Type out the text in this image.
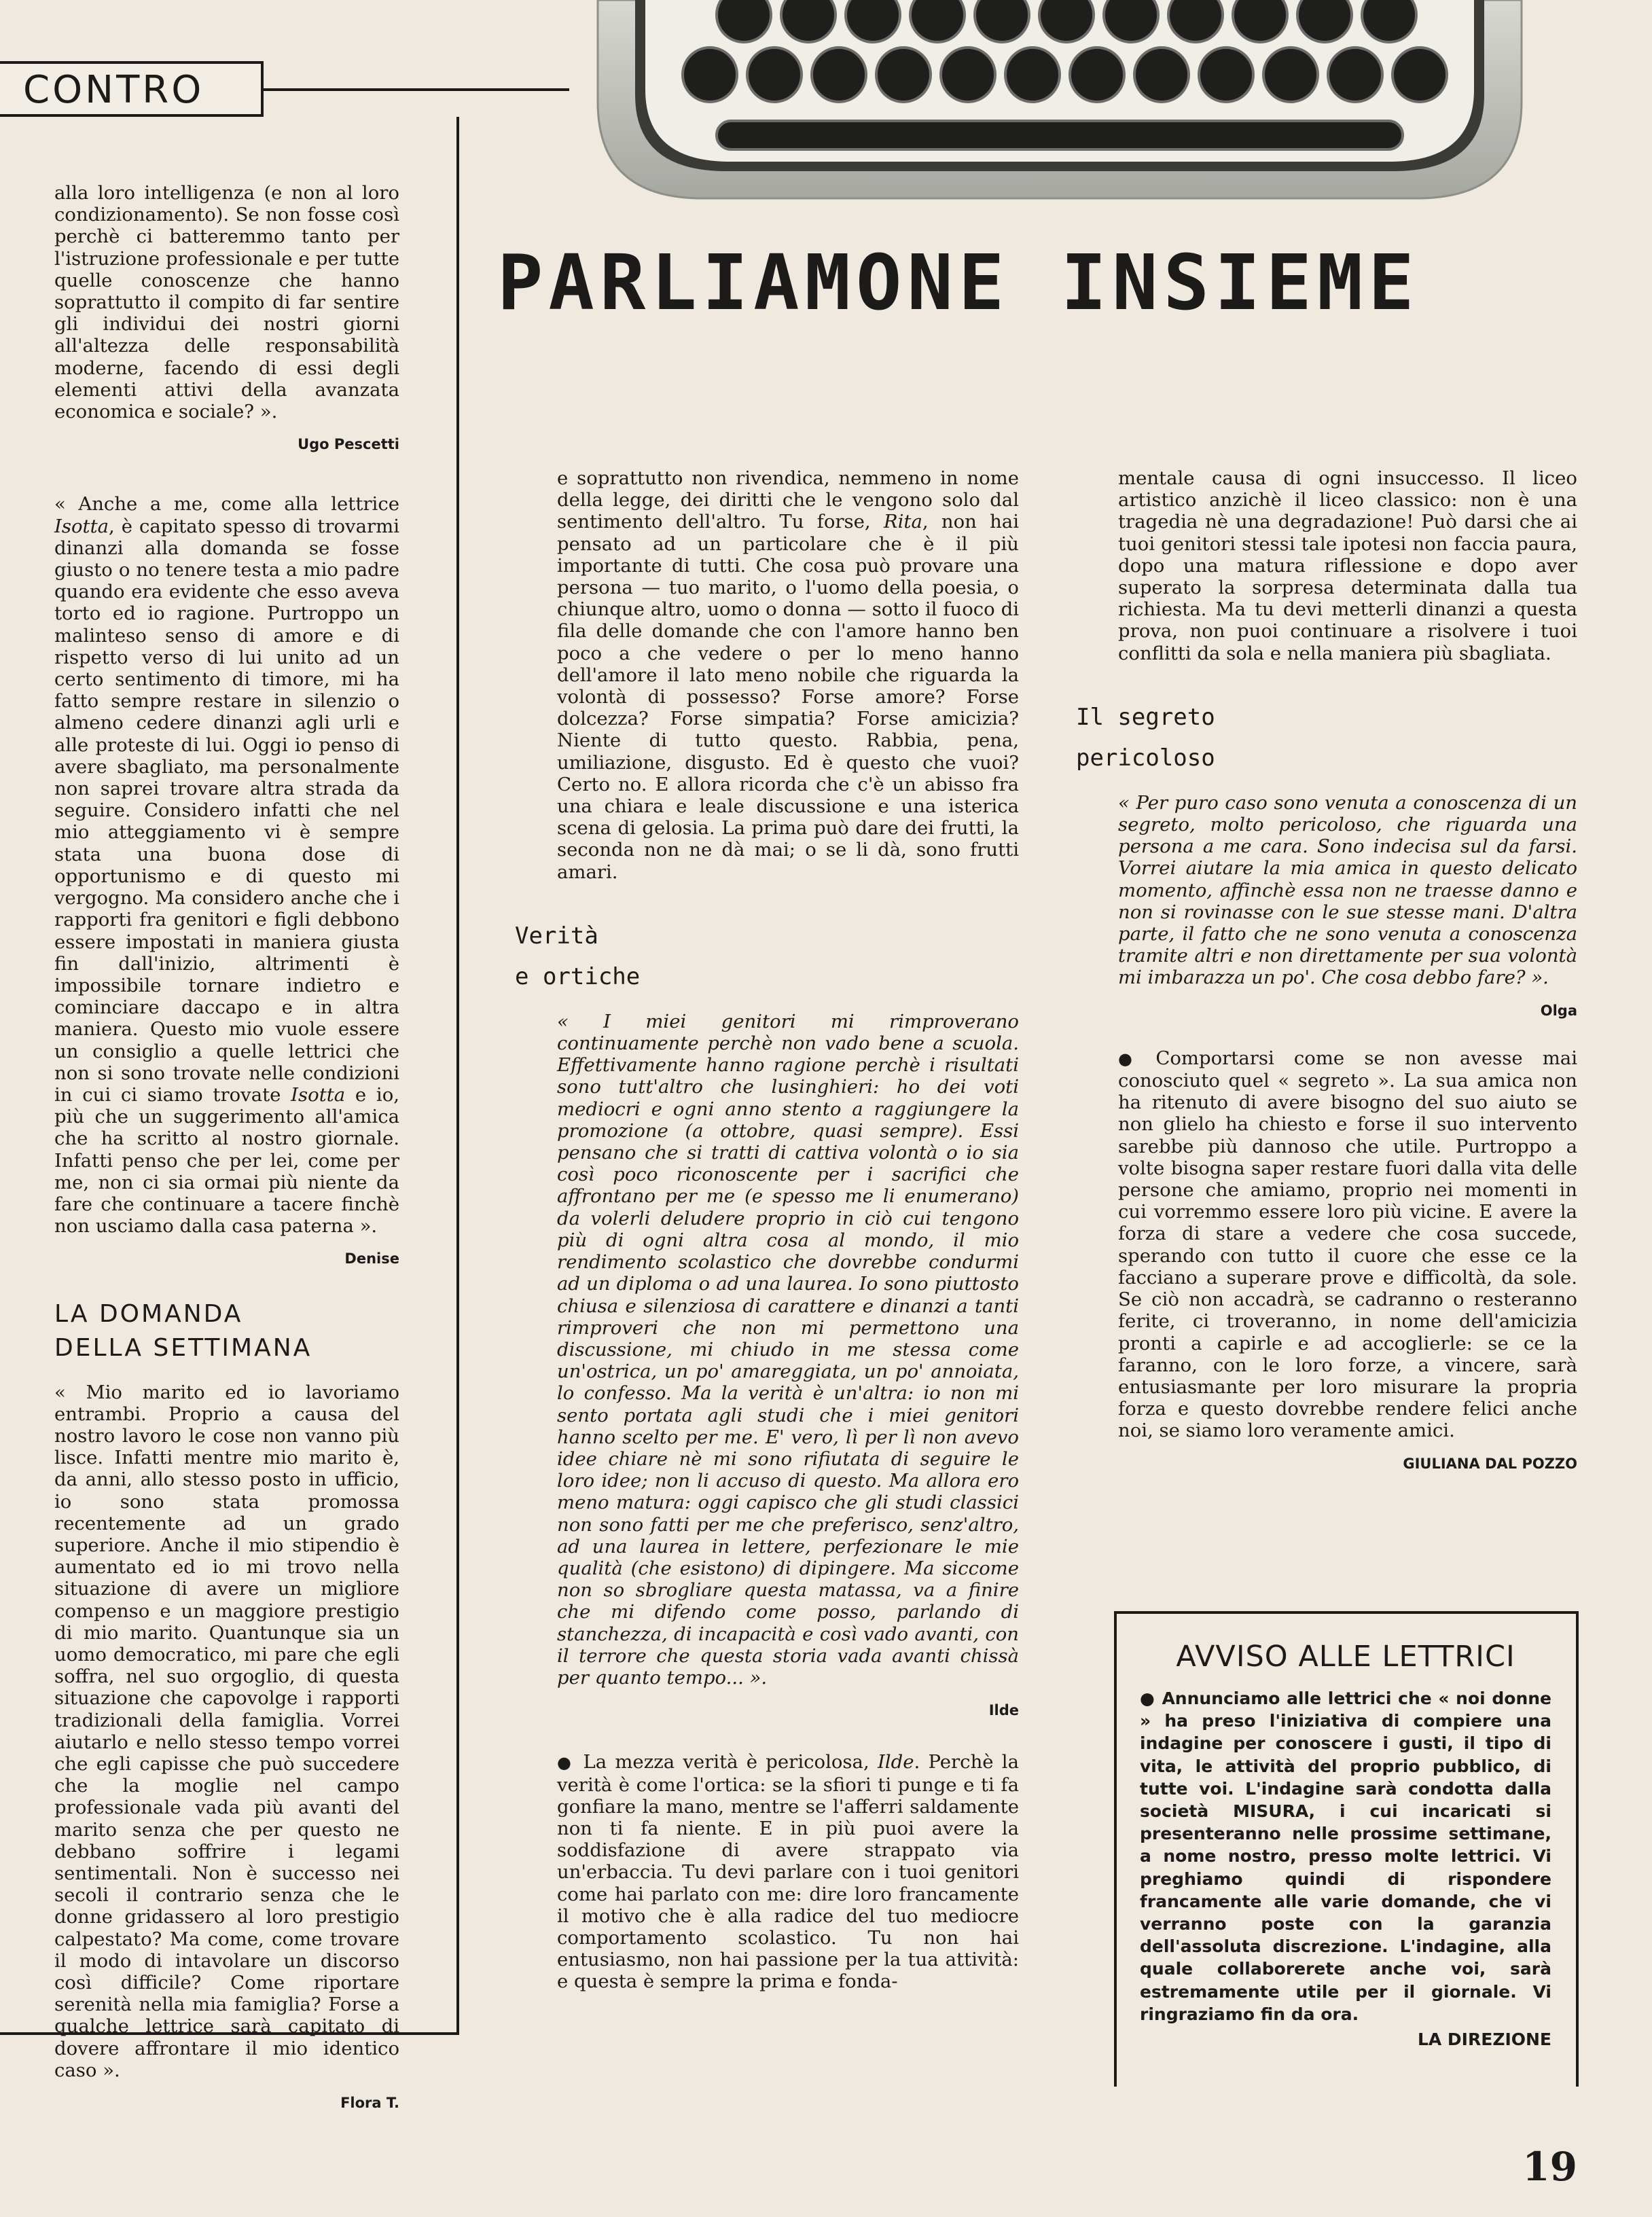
CONTRO
PARLIAMONE INSIEME

alla loro intelligenza (e non al loro condizionamento). Se non fosse così perchè ci batteremmo tanto per l'istruzione professionale e per tutte quelle conoscenze che hanno soprattutto il compito di far sentire gli individui dei nostri giorni all'altezza delle responsabilità moderne, facendo di essi degli elementi attivi della avanzata economica e sociale? ».

Ugo Pescetti

« Anche a me, come alla lettrice Isotta, è capitato spesso di trovarmi dinanzi alla domanda se fosse giusto o no tenere testa a mio padre quando era evidente che esso aveva torto ed io ragione. Purtroppo un malinteso senso di amore e di rispetto verso di lui unito ad un certo sentimento di timore, mi ha fatto sempre restare in silenzio o almeno cedere dinanzi agli urli e alle proteste di lui. Oggi io penso di avere sbagliato, ma personalmente non saprei trovare altra strada da seguire. Considero infatti che nel mio atteggiamento vi è sempre stata una buona dose di opportunismo e di questo mi vergogno. Ma considero anche che i rapporti fra genitori e figli debbono essere impostati in maniera giusta fin dall'inizio, altrimenti è impossibile tornare indietro e cominciare daccapo e in altra maniera. Questo mio vuole essere un consiglio a quelle lettrici che non si sono trovate nelle condizioni in cui ci siamo trovate Isotta e io, più che un suggerimento all'amica che ha scritto al nostro giornale. Infatti penso che per lei, come per me, non ci sia ormai più niente da fare che continuare a tacere finchè non usciamo dalla casa paterna ».

Denise
LA DOMANDA
DELLA SETTIMANA

« Mio marito ed io lavoriamo entrambi. Proprio a causa del nostro lavoro le cose non vanno più lisce. Infatti mentre mio marito è, da anni, allo stesso posto in ufficio, io sono stata promossa recentemente ad un grado superiore. Anche il mio stipendio è aumentato ed io mi trovo nella situazione di avere un migliore compenso e un maggiore prestigio di mio marito. Quantunque sia un uomo democratico, mi pare che egli soffra, nel suo orgoglio, di questa situazione che capovolge i rapporti tradizionali della famiglia. Vorrei aiutarlo e nello stesso tempo vorrei che egli capisse che può succedere che la moglie nel campo professionale vada più avanti del marito senza che per questo ne debbano soffrire i legami sentimentali. Non è successo nei secoli il contrario senza che le donne gridassero al loro prestigio calpestato? Ma come, come trovare il modo di intavolare un discorso così difficile? Come riportare serenità nella mia famiglia? Forse a qualche lettrice sarà capitato di dovere affrontare il mio identico caso ».

Flora T.

e soprattutto non rivendica, nemmeno in nome della legge, dei diritti che le vengono solo dal sentimento dell'altro. Tu forse, Rita, non hai pensato ad un particolare che è il più importante di tutti. Che cosa può provare una persona — tuo marito, o l'uomo della poesia, o chiunque altro, uomo o donna — sotto il fuoco di fila delle domande che con l'amore hanno ben poco a che vedere o per lo meno hanno dell'amore il lato meno nobile che riguarda la volontà di possesso? Forse amore? Forse dolcezza? Forse simpatia? Forse amicizia? Niente di tutto questo. Rabbia, pena, umiliazione, disgusto. Ed è questo che vuoi? Certo no. E allora ricorda che c'è un abisso fra una chiara e leale discussione e una isterica scena di gelosia. La prima può dare dei frutti, la seconda non ne dà mai; o se li dà, sono frutti amari.

Verità
e ortiche

« I miei genitori mi rimproverano continuamente perchè non vado bene a scuola. Effettivamente hanno ragione perchè i risultati sono tutt'altro che lusinghieri: ho dei voti mediocri e ogni anno stento a raggiungere la promozione (a ottobre, quasi sempre). Essi pensano che si tratti di cattiva volontà o io sia così poco riconoscente per i sacrifici che affrontano per me (e spesso me li enumerano) da volerli deludere proprio in ciò cui tengono più di ogni altra cosa al mondo, il mio rendimento scolastico che dovrebbe condurmi ad un diploma o ad una laurea. Io sono piuttosto chiusa e silenziosa di carattere e dinanzi a tanti rimproveri che non mi permettono una discussione, mi chiudo in me stessa come un'ostrica, un po' amareggiata, un po' annoiata, lo confesso. Ma la verità è un'altra: io non mi sento portata agli studi che i miei genitori hanno scelto per me. E' vero, lì per lì non avevo idee chiare nè mi sono rifiutata di seguire le loro idee; non li accuso di questo. Ma allora ero meno matura: oggi capisco che gli studi classici non sono fatti per me che preferisco, senz'altro, ad una laurea in lettere, perfezionare le mie qualità (che esistono) di dipingere. Ma siccome non so sbrogliare questa matassa, va a finire che mi difendo come posso, parlando di stanchezza, di incapacità e così vado avanti, con il terrore che questa storia vada avanti chissà per quanto tempo... ».

Ilde

● La mezza verità è pericolosa, Ilde. Perchè la verità è come l'ortica: se la sfiori ti punge e ti fa gonfiare la mano, mentre se l'afferri saldamente non ti fa niente. E in più puoi avere la soddisfazione di avere strappato via un'erbaccia. Tu devi parlare con i tuoi genitori come hai parlato con me: dire loro francamente il motivo che è alla radice del tuo mediocre comportamento scolastico. Tu non hai entusiasmo, non hai passione per la tua attività: e questa è sempre la prima e fonda-

mentale causa di ogni insuccesso. Il liceo artistico anzichè il liceo classico: non è una tragedia nè una degradazione! Può darsi che ai tuoi genitori stessi tale ipotesi non faccia paura, dopo una matura riflessione e dopo aver superato la sorpresa determinata dalla tua richiesta. Ma tu devi metterli dinanzi a questa prova, non puoi continuare a risolvere i tuoi conflitti da sola e nella maniera più sbagliata.

Il segreto
pericoloso

« Per puro caso sono venuta a conoscenza di un segreto, molto pericoloso, che riguarda una persona a me cara. Sono indecisa sul da farsi. Vorrei aiutare la mia amica in questo delicato momento, affinchè essa non ne traesse danno e non si rovinasse con le sue stesse mani. D'altra parte, il fatto che ne sono venuta a conoscenza tramite altri e non direttamente per sua volontà mi imbarazza un po'. Che cosa debbo fare? ».

Olga

● Comportarsi come se non avesse mai conosciuto quel « segreto ». La sua amica non ha ritenuto di avere bisogno del suo aiuto se non glielo ha chiesto e forse il suo intervento sarebbe più dannoso che utile. Purtroppo a volte bisogna saper restare fuori dalla vita delle persone che amiamo, proprio nei momenti in cui vorremmo essere loro più vicine. E avere la forza di stare a vedere che cosa succede, sperando con tutto il cuore che esse ce la facciano a superare prove e difficoltà, da sole. Se ciò non accadrà, se cadranno o resteranno ferite, ci troveranno, in nome dell'amicizia pronti a capirle e ad accoglierle: se ce la faranno, con le loro forze, a vincere, sarà entusiasmante per loro misurare la propria forza e questo dovrebbe rendere felici anche noi, se siamo loro veramente amici.

GIULIANA DAL POZZO
AVVISO ALLE LETTRICI
● Annunciamo alle lettrici che « noi donne » ha preso l'iniziativa di compiere una indagine per conoscere i gusti, il tipo di vita, le attività del proprio pubblico, di tutte voi. L'indagine sarà condotta dalla società MISURA, i cui incaricati si presenteranno nelle prossime settimane, a nome nostro, presso molte lettrici. Vi preghiamo quindi di rispondere francamente alle varie domande, che vi verranno poste con la garanzia dell'assoluta discrezione. L'indagine, alla quale collaborerete anche voi, sarà estremamente utile per il giornale. Vi ringraziamo fin da ora.
LA DIREZIONE
19
